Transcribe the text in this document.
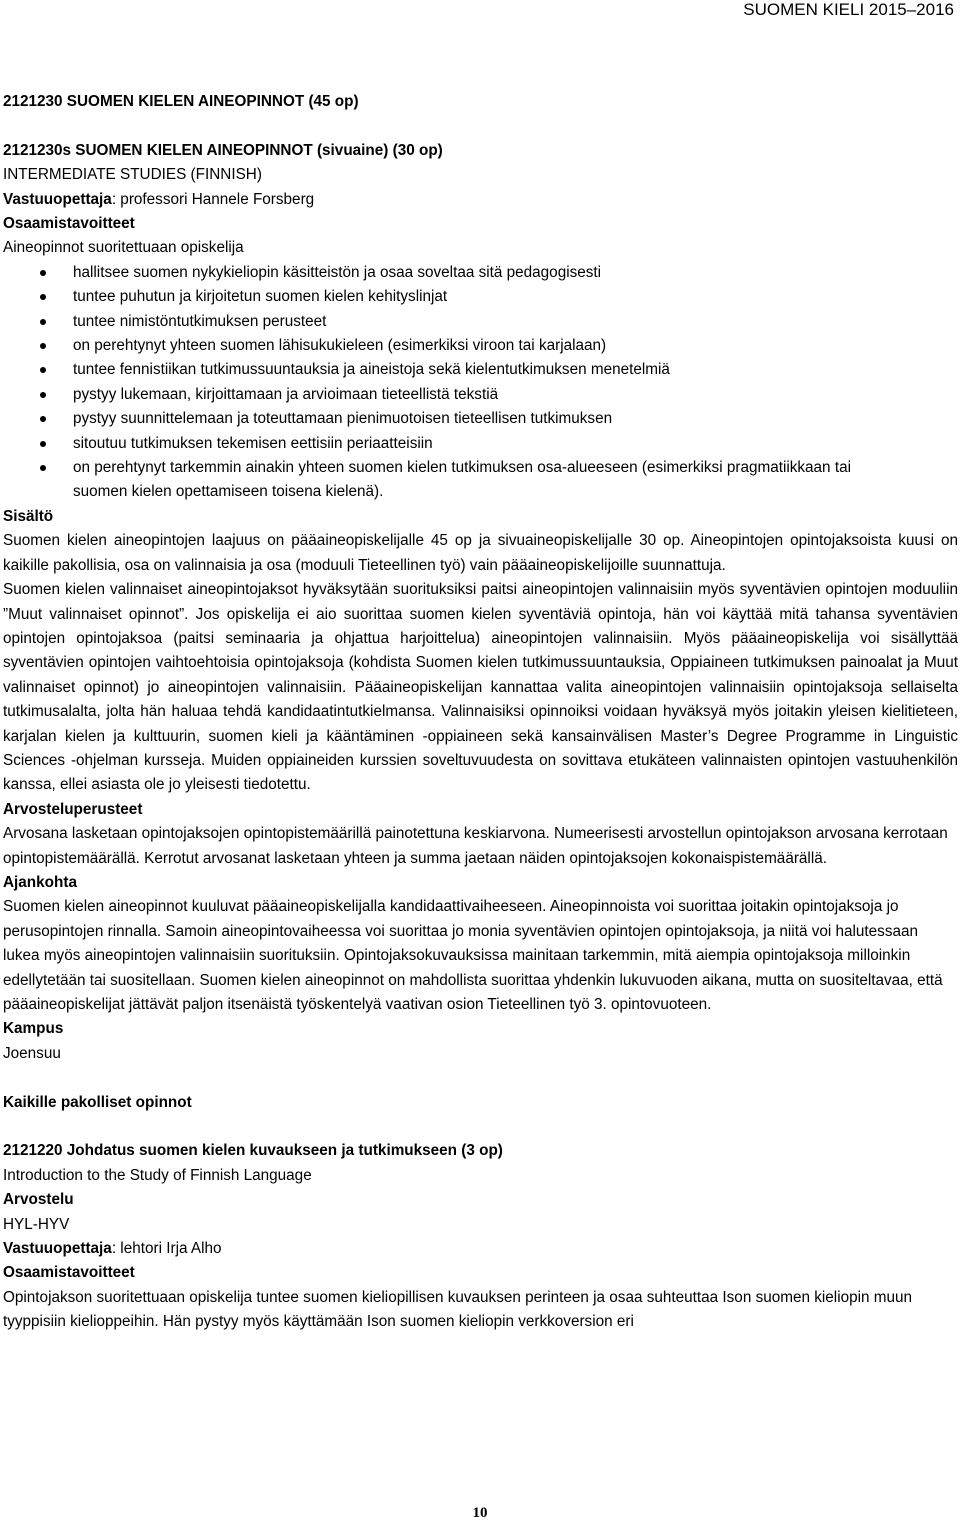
SUOMEN KIELI 2015–2016

2121230 SUOMEN KIELEN AINEOPINNOT (45 op)

2121230s SUOMEN KIELEN AINEOPINNOT (sivuaine) (30 op)

INTERMEDIATE STUDIES (FINNISH)

Vastuuopettaja: professori Hannele Forsberg

Osaamistavoitteet

Aineopinnot suoritettuaan opiskelija

hallitsee suomen nykykieliopin käsitteistön ja osaa soveltaa sitä pedagogisesti
tuntee puhutun ja kirjoitetun suomen kielen kehityslinjat
tuntee nimistöntutkimuksen perusteet
on perehtynyt yhteen suomen lähisukukieleen (esimerkiksi viroon tai karjalaan)
tuntee fennistiikan tutkimussuuntauksia ja aineistoja sekä kielentutkimuksen menetelmiä
pystyy lukemaan, kirjoittamaan ja arvioimaan tieteellistä tekstiä
pystyy suunnittelemaan ja toteuttamaan pienimuotoisen tieteellisen tutkimuksen
sitoutuu tutkimuksen tekemisen eettisiin periaatteisiin
on perehtynyt tarkemmin ainakin yhteen suomen kielen tutkimuksen osa-alueeseen (esimerkiksi pragmatiikkaan tai suomen kielen opettamiseen toisena kielenä).

Sisältö

Suomen kielen aineopintojen laajuus on pääaineopiskelijalle 45 op ja sivuaineopiskelijalle 30 op. Aineopintojen opintojaksoista kuusi on kaikille pakollisia, osa on valinnaisia ja osa (moduuli Tieteellinen työ) vain pääaineopiskelijoille suunnattuja.

Suomen kielen valinnaiset aineopintojaksot hyväksytään suorituksiksi paitsi aineopintojen valinnaisiin myös syventävien opintojen moduuliin ”Muut valinnaiset opinnot”. Jos opiskelija ei aio suorittaa suomen kielen syventäviä opintoja, hän voi käyttää mitä tahansa syventävien opintojen opintojaksoa (paitsi seminaaria ja ohjattua harjoittelua) aineopintojen valinnaisiin. Myös pääaineopiskelija voi sisällyttää syventävien opintojen vaihtoehtoisia opintojaksoja (kohdista Suomen kielen tutkimussuuntauksia, Oppiaineen tutkimuksen painoalat ja Muut valinnaiset opinnot) jo aineopintojen valinnaisiin. Pääaineopiskelijan kannattaa valita aineopintojen valinnaisiin opintojaksoja sellaiselta tutkimusalalta, jolta hän haluaa tehdä kandidaatintutkielmansa. Valinnaisiksi opinnoiksi voidaan hyväksyä myös joitakin yleisen kielitieteen, karjalan kielen ja kulttuurin, suomen kieli ja kääntäminen -oppiaineen sekä kansainvälisen Master’s Degree Programme in Linguistic Sciences -ohjelman kursseja. Muiden oppiaineiden kurssien soveltuvuudesta on sovittava etukäteen valinnaisten opintojen vastuuhenkilön kanssa, ellei asiasta ole jo yleisesti tiedotettu.

Arvosteluperusteet

Arvosana lasketaan opintojaksojen opintopistemäärillä painotettuna keskiarvona. Numeerisesti arvostellun opintojakson arvosana kerrotaan opintopistemäärällä. Kerrotut arvosanat lasketaan yhteen ja summa jaetaan näiden opintojaksojen kokonaispistemäärällä.

Ajankohta

Suomen kielen aineopinnot kuuluvat pääaineopiskelijalla kandidaattivaiheeseen. Aineopinnoista voi suorittaa joitakin opintojaksoja jo perusopintojen rinnalla. Samoin aineopintovaiheessa voi suorittaa jo monia syventävien opintojen opintojaksoja, ja niitä voi halutessaan lukea myös aineopintojen valinnaisiin suorituksiin. Opintojaksokuvauksissa mainitaan tarkemmin, mitä aiempia opintojaksoja milloinkin edellytetään tai suositellaan. Suomen kielen aineopinnot on mahdollista suorittaa yhdenkin lukuvuoden aikana, mutta on suositeltavaa, että pääaineopiskelijat jättävät paljon itsenäistä työskentelyä vaativan osion Tieteellinen työ 3. opintovuoteen.

Kampus

Joensuu

Kaikille pakolliset opinnot

2121220 Johdatus suomen kielen kuvaukseen ja tutkimukseen (3 op)

Introduction to the Study of Finnish Language

Arvostelu

HYL-HYV

Vastuuopettaja: lehtori Irja Alho

Osaamistavoitteet

Opintojakson suoritettuaan opiskelija tuntee suomen kieliopillisen kuvauksen perinteen ja osaa suhteuttaa Ison suomen kieliopin muun tyyppisiin kielioppeihin. Hän pystyy myös käyttämään Ison suomen kieliopin verkkoversion eri

10
